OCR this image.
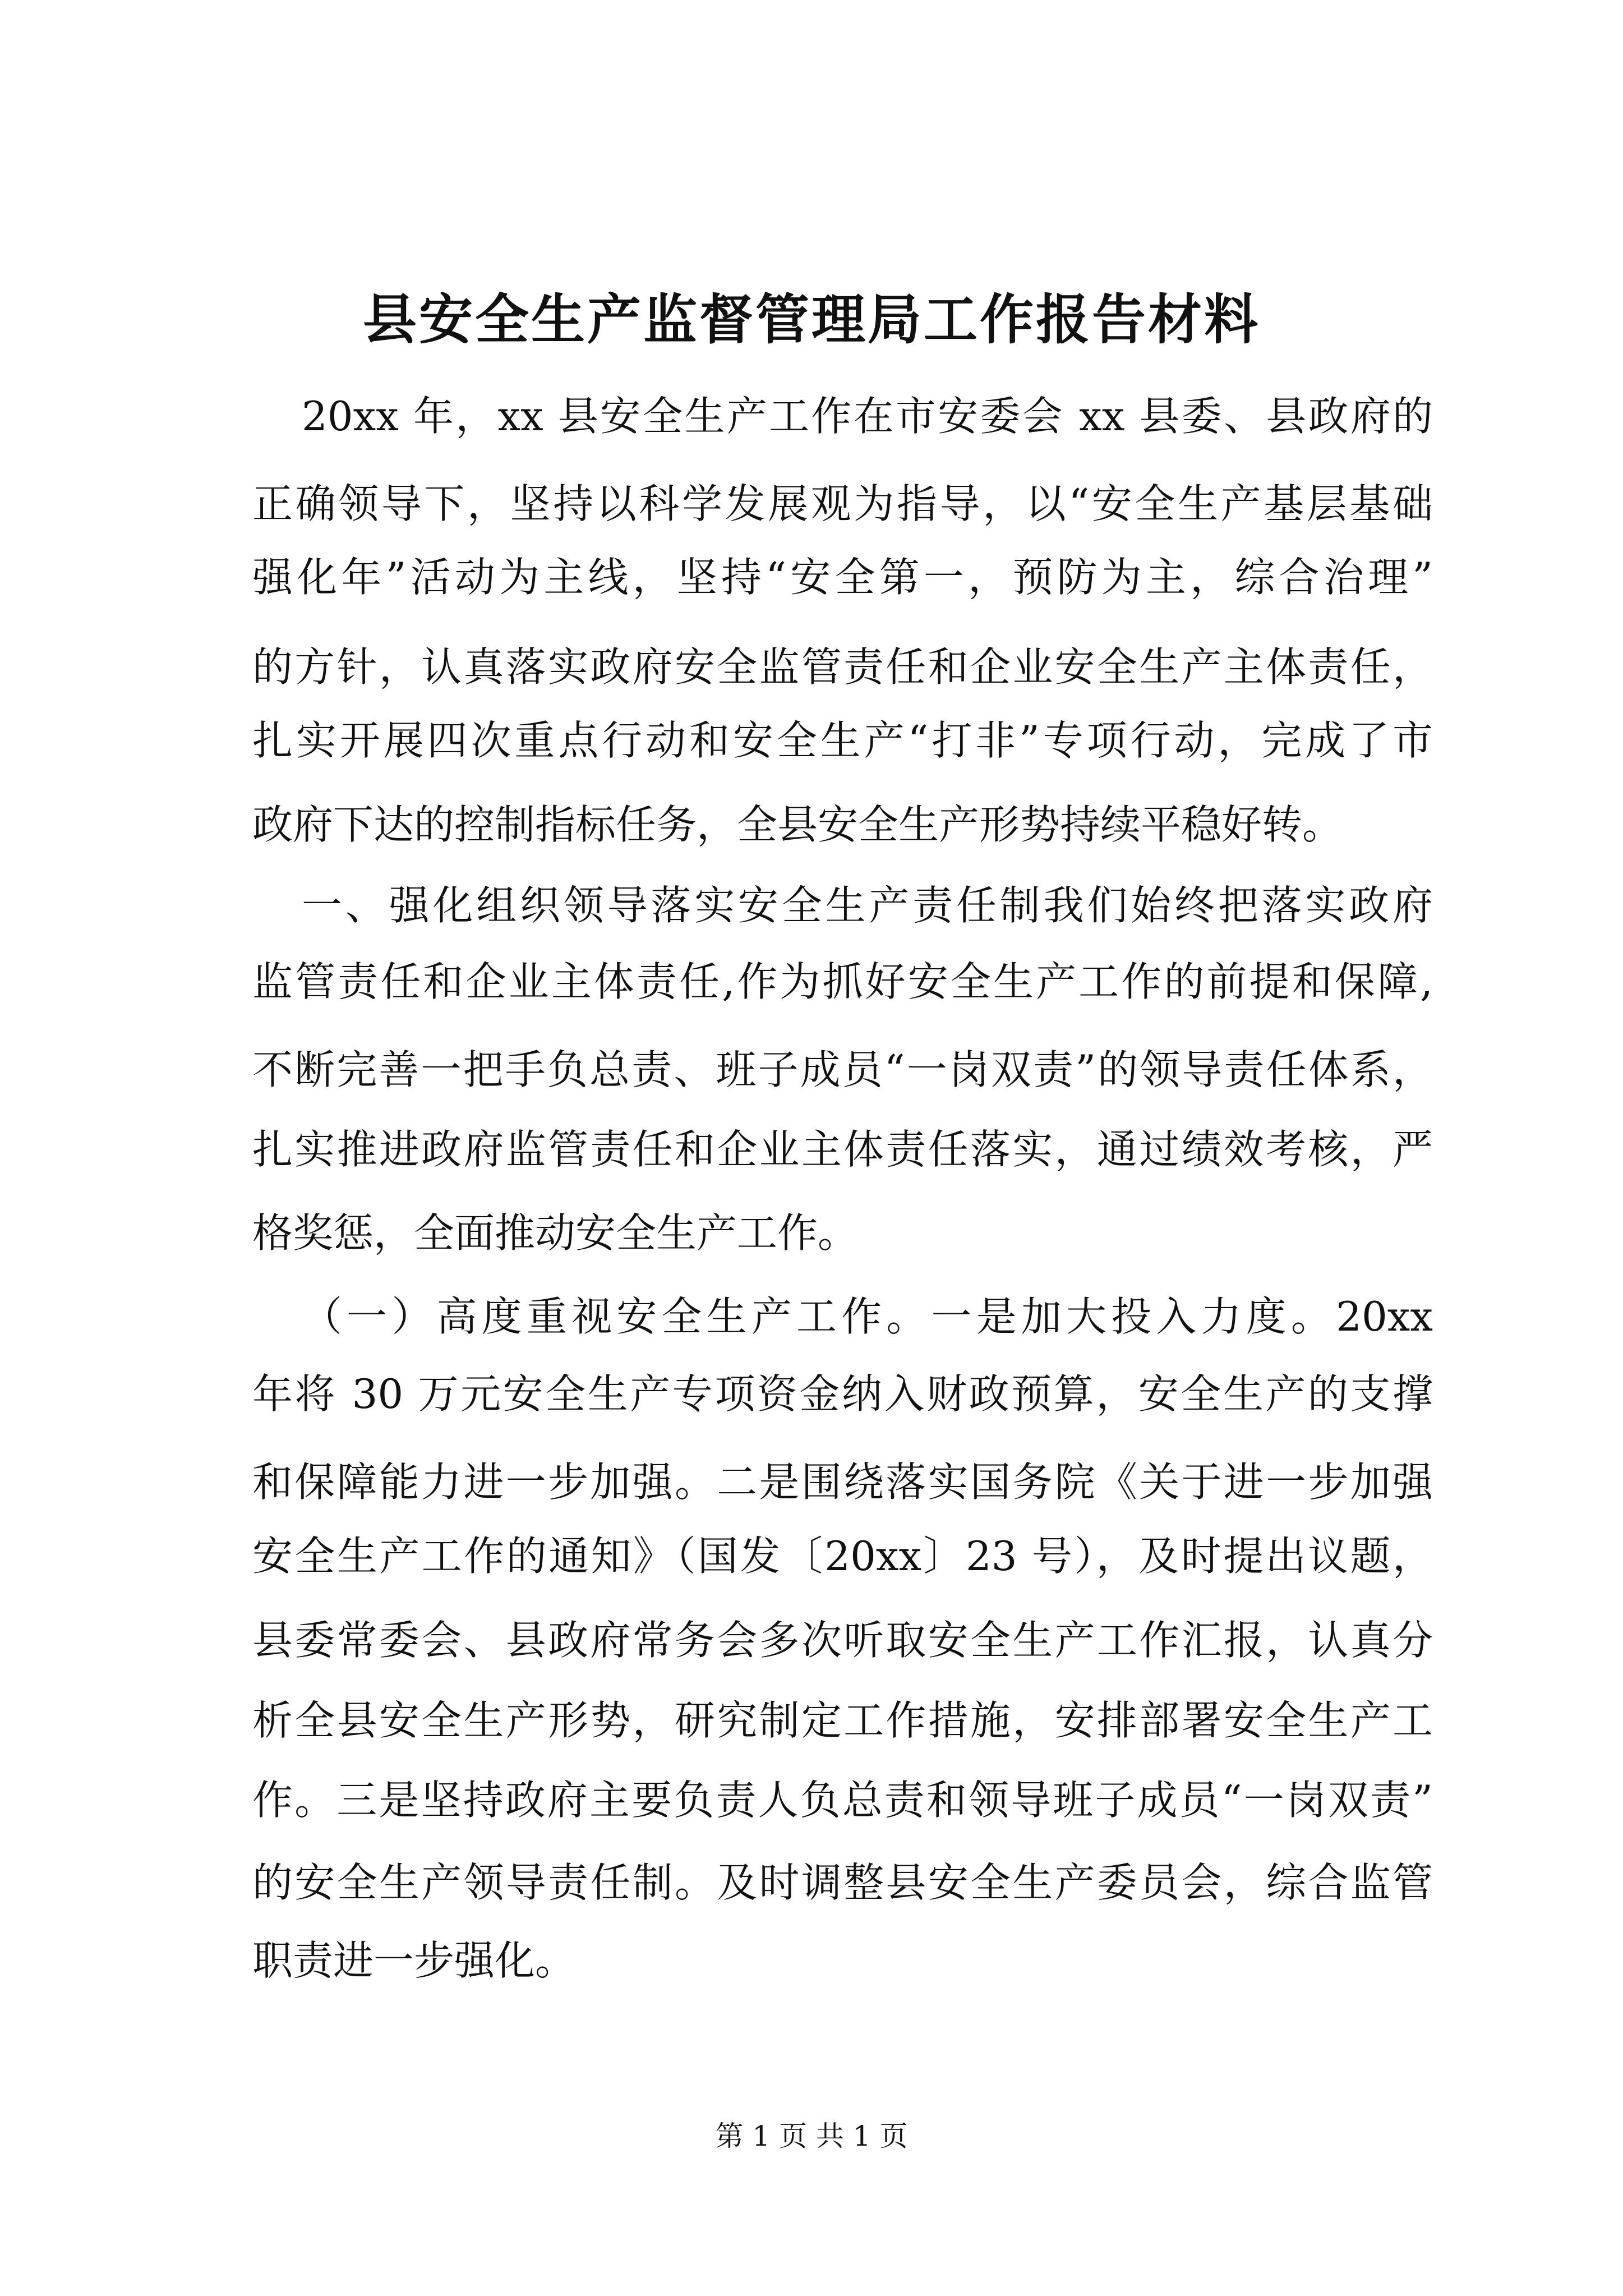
县安全生产监督管理局工作报告材料
20xx 年，xx 县安全生产工作在市安委会 xx 县委、县政府的
正确领导下，坚持以科学发展观为指导，以“安全生产基层基础
强化年”活动为主线，坚持“安全第一，预防为主，综合治理”
的方针，认真落实政府安全监管责任和企业安全生产主体责任，
扎实开展四次重点行动和安全生产“打非”专项行动，完成了市
政府下达的控制指标任务，全县安全生产形势持续平稳好转。
一、强化组织领导落实安全生产责任制我们始终把落实政府
监管责任和企业主体责任,作为抓好安全生产工作的前提和保障,
不断完善一把手负总责、班子成员“一岗双责”的领导责任体系，
扎实推进政府监管责任和企业主体责任落实，通过绩效考核，严
格奖惩，全面推动安全生产工作。
（一）高度重视安全生产工作。一是加大投入力度。20xx
年将 30 万元安全生产专项资金纳入财政预算，安全生产的支撑
和保障能力进一步加强。二是围绕落实国务院《关于进一步加强
安全生产工作的通知》（国发〔20xx〕23 号），及时提出议题，
县委常委会、县政府常务会多次听取安全生产工作汇报，认真分
析全县安全生产形势，研究制定工作措施，安排部署安全生产工
作。三是坚持政府主要负责人负总责和领导班子成员“一岗双责”
的安全生产领导责任制。及时调整县安全生产委员会，综合监管
职责进一步强化。
第 1 页 共 1 页
